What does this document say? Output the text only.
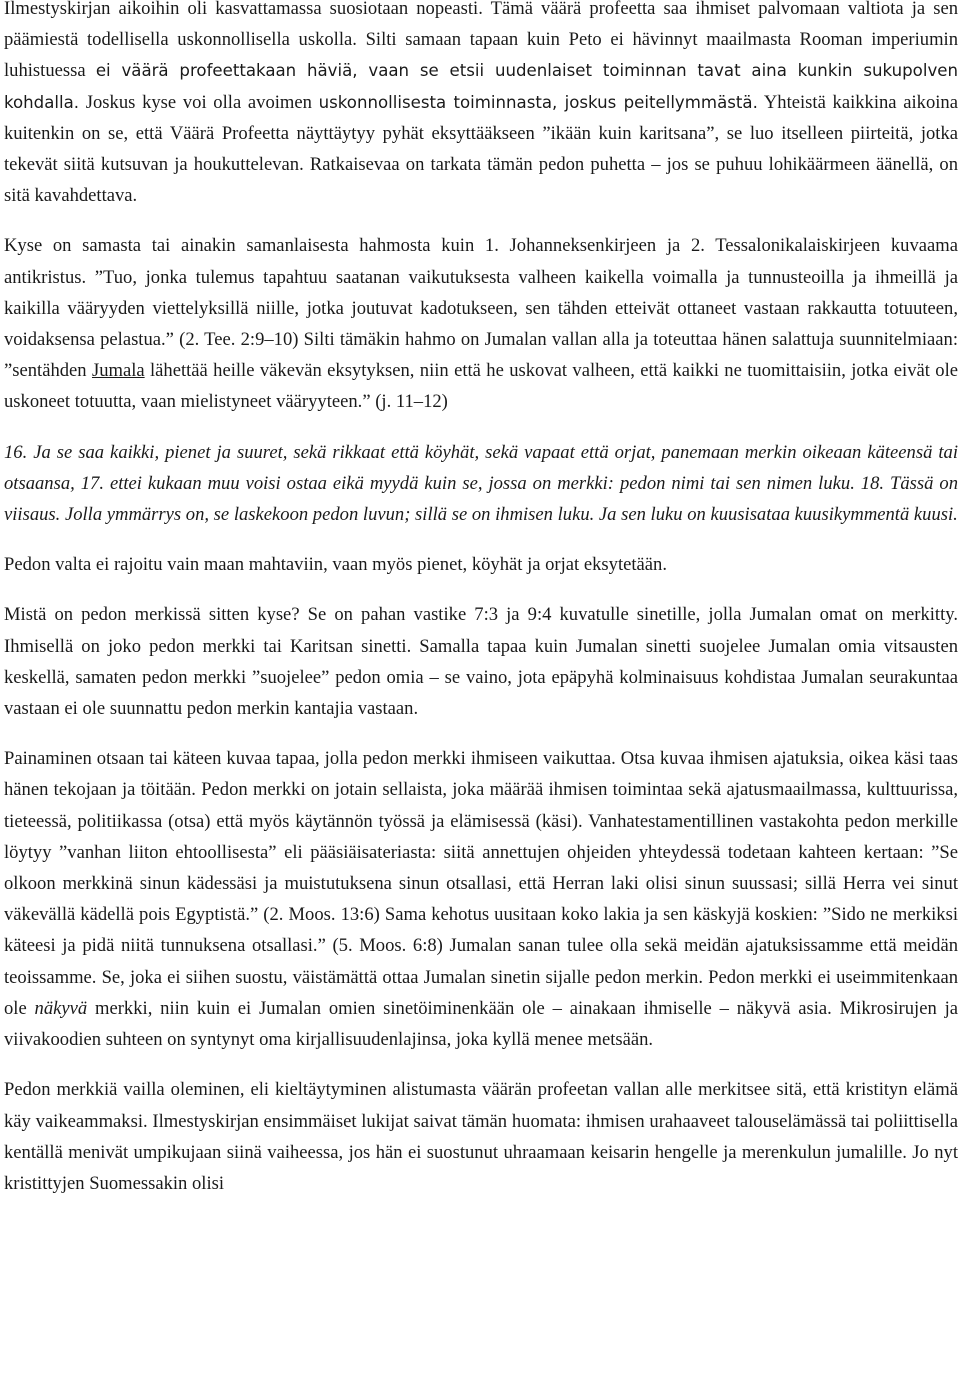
Ilmestyskirjan aikoihin oli kasvattamassa suosiotaan nopeasti. Tämä väärä profeetta saa ihmiset palvomaan valtiota ja sen päämiestä todellisella uskonnollisella uskolla. Silti samaan tapaan kuin Peto ei hävinnyt maailmasta Rooman imperiumin luhistuessa ei väärä profeettakaan häviä, vaan se etsii uudenlaiset toiminnan tavat aina kunkin sukupolven kohdalla. Joskus kyse voi olla avoimen uskonnollisesta toiminnasta, joskus peitellymmästä. Yhteistä kaikkina aikoina kuitenkin on se, että Väärä Profeetta näyttäytyy pyhät eksyttääkseen ”ikään kuin karitsana”, se luo itselleen piirteitä, jotka tekevät siitä kutsuvan ja houkuttelevan. Ratkaisevaa on tarkata tämän pedon puhetta – jos se puhuu lohikäärmeen äänellä, on sitä kavahdettava.

Kyse on samasta tai ainakin samanlaisesta hahmosta kuin 1. Johanneksenkirjeen ja 2. Tessalonikalaiskirjeen kuvaama antikristus. ”Tuo, jonka tulemus tapahtuu saatanan vaikutuksesta valheen kaikella voimalla ja tunnusteoilla ja ihmeillä ja kaikilla vääryyden viettelyksillä niille, jotka joutuvat kadotukseen, sen tähden etteivät ottaneet vastaan rakkautta totuuteen, voidaksensa pelastua.” (2. Tee. 2:9–10) Silti tämäkin hahmo on Jumalan vallan alla ja toteuttaa hänen salattuja suunnitelmiaan: ”sentähden Jumala lähettää heille väkevän eksytyksen, niin että he uskovat valheen, että kaikki ne tuomittaisiin, jotka eivät ole uskoneet totuutta, vaan mielistyneet vääryyteen.” (j. 11–12)

16. Ja se saa kaikki, pienet ja suuret, sekä rikkaat että köyhät, sekä vapaat että orjat, panemaan merkin oikeaan käteensä tai otsaansa, 17. ettei kukaan muu voisi ostaa eikä myydä kuin se, jossa on merkki: pedon nimi tai sen nimen luku. 18. Tässä on viisaus. Jolla ymmärrys on, se laskekoon pedon luvun; sillä se on ihmisen luku. Ja sen luku on kuusisataa kuusikymmentä kuusi.

Pedon valta ei rajoitu vain maan mahtaviin, vaan myös pienet, köyhät ja orjat eksytetään.

Mistä on pedon merkissä sitten kyse? Se on pahan vastike 7:3 ja 9:4 kuvatulle sinetille, jolla Jumalan omat on merkitty. Ihmisellä on joko pedon merkki tai Karitsan sinetti. Samalla tapaa kuin Jumalan sinetti suojelee Jumalan omia vitsausten keskellä, samaten pedon merkki ”suojelee” pedon omia – se vaino, jota epäpyhä kolminaisuus kohdistaa Jumalan seurakuntaa vastaan ei ole suunnattu pedon merkin kantajia vastaan.

Painaminen otsaan tai käteen kuvaa tapaa, jolla pedon merkki ihmiseen vaikuttaa. Otsa kuvaa ihmisen ajatuksia, oikea käsi taas hänen tekojaan ja töitään. Pedon merkki on jotain sellaista, joka määrää ihmisen toimintaa sekä ajatusmaailmassa, kulttuurissa, tieteessä, politiikassa (otsa) että myös käytännön työssä ja elämisessä (käsi). Vanhatestamentillinen vastakohta pedon merkille löytyy ”vanhan liiton ehtoollisesta” eli pääsiäisateriasta: siitä annettujen ohjeiden yhteydessä todetaan kahteen kertaan: ”Se olkoon merkkinä sinun kädessäsi ja muistutuksena sinun otsallasi, että Herran laki olisi sinun suussasi; sillä Herra vei sinut väkevällä kädellä pois Egyptistä.” (2. Moos. 13:6) Sama kehotus uusitaan koko lakia ja sen käskyjä koskien: ”Sido ne merkiksi käteesi ja pidä niitä tunnuksena otsallasi.” (5. Moos. 6:8) Jumalan sanan tulee olla sekä meidän ajatuksissamme että meidän teoissamme. Se, joka ei siihen suostu, väistämättä ottaa Jumalan sinetin sijalle pedon merkin. Pedon merkki ei useimmitenkaan ole näkyvä merkki, niin kuin ei Jumalan omien sinetöiminenkään ole – ainakaan ihmiselle – näkyvä asia. Mikrosirujen ja viivakoodien suhteen on syntynyt oma kirjallisuudenlajinsa, joka kyllä menee metsään.

Pedon merkkiä vailla oleminen, eli kieltäytyminen alistumasta väärän profeetan vallan alle merkitsee sitä, että kristityn elämä käy vaikeammaksi. Ilmestyskirjan ensimmäiset lukijat saivat tämän huomata: ihmisen urahaaveet talouselämässä tai poliittisella kentällä menivät umpikujaan siinä vaiheessa, jos hän ei suostunut uhraamaan keisarin hengelle ja merenkulun jumalille. Jo nyt kristittyjen Suomessakin olisi
